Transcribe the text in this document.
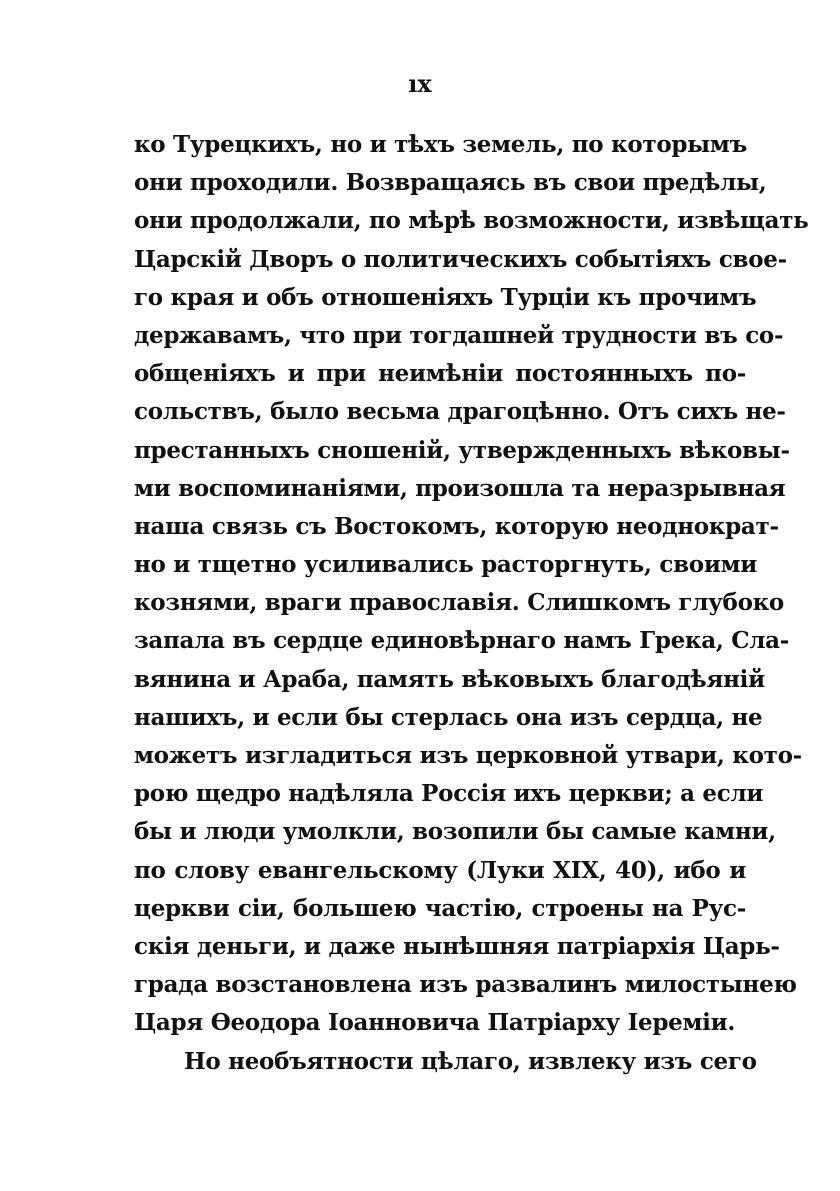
ıx
ко Турецкихъ, но и тѣхъ земель, по которымъ
они проходили. Возвращаясь въ свои предѣлы,
они продолжали, по мѣрѣ возможности, извѣщать
Царскій Дворъ о политическихъ событіяхъ свое-
го края и объ отношеніяхъ Турціи къ прочимъ
державамъ, что при тогдашней трудности въ со-
общеніяхъ и при неимѣніи постоянныхъ по-
сольствъ, было весьма драгоцѣнно. Отъ сихъ не-
престанныхъ сношеній, утвержденныхъ вѣковы-
ми воспоминаніями, произошла та неразрывная
наша связь съ Востокомъ, которую неоднократ-
но и тщетно усиливались расторгнуть, своими
кознями, враги православія. Слишкомъ глубоко
запала въ сердце единовѣрнаго намъ Грека, Сла-
вянина и Араба, память вѣковыхъ благодѣяній
нашихъ, и если бы стерлась она изъ сердца, не
можетъ изгладиться изъ церковной утвари, кото-
рою щедро надѣляла Россія ихъ церкви; а если
бы и люди умолкли, возопили бы самые камни,
по слову евангельскому (Луки XIX, 40), ибо и
церкви сіи, большею частію, строены на Рус-
скія деньги, и даже нынѣшняя патріархія Царь-
града возстановлена изъ развалинъ милостынею
Царя Ѳеодора Іоанновича Патріарху Іереміи.
Но необъятности цѣлаго, извлеку изъ сего
